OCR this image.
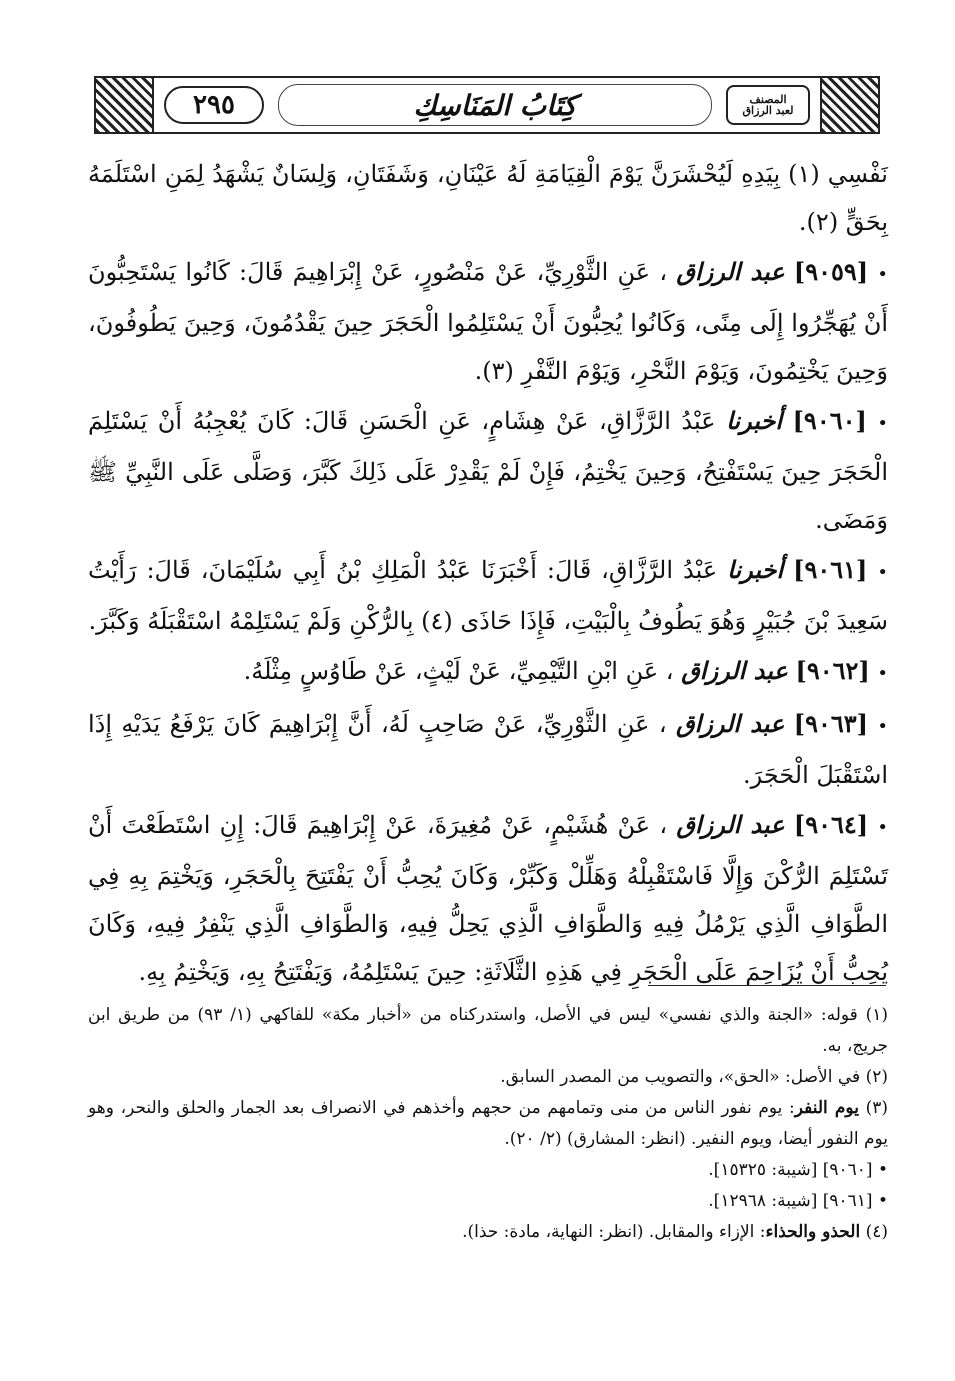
٢٩٥	كِتَابُ المَنَاسِكِ	المصنف
لعبد الرزاق

نَفْسِي (١) بِيَدِهِ لَيُحْشَرَنَّ يَوْمَ الْقِيَامَةِ لَهُ عَيْنَانِ، وَشَفَتَانِ، وَلِسَانٌ يَشْهَدُ لِمَنِ اسْتَلَمَهُ بِحَقٍّ (٢).

• [٩٠٥٩] عبد الرزاق ، عَنِ الثَّوْرِيِّ، عَنْ مَنْصُورٍ، عَنْ إِبْرَاهِيمَ قَالَ: كَانُوا يَسْتَحِبُّونَ أَنْ يُهَجِّرُوا إِلَى مِنًى، وَكَانُوا يُحِبُّونَ أَنْ يَسْتَلِمُوا الْحَجَرَ حِينَ يَقْدُمُونَ، وَحِينَ يَطُوفُونَ، وَحِينَ يَخْتِمُونَ، وَيَوْمَ النَّحْرِ، وَيَوْمَ النَّفْرِ (٣).

• [٩٠٦٠] أخبرنا عَبْدُ الرَّزَّاقِ، عَنْ هِشَامٍ، عَنِ الْحَسَنِ قَالَ: كَانَ يُعْجِبُهُ أَنْ يَسْتَلِمَ الْحَجَرَ حِينَ يَسْتَفْتِحُ، وَحِينَ يَخْتِمُ، فَإِنْ لَمْ يَقْدِرْ عَلَى ذَلِكَ كَبَّرَ، وَصَلَّى عَلَى النَّبِيِّ ﷺ وَمَضَى.

• [٩٠٦١] أخبرنا عَبْدُ الرَّزَّاقِ، قَالَ: أَخْبَرَنَا عَبْدُ الْمَلِكِ بْنُ أَبِي سُلَيْمَانَ، قَالَ: رَأَيْتُ سَعِيدَ بْنَ جُبَيْرٍ وَهُوَ يَطُوفُ بِالْبَيْتِ، فَإِذَا حَاذَى (٤) بِالرُّكْنِ وَلَمْ يَسْتَلِمْهُ اسْتَقْبَلَهُ وَكَبَّرَ.

• [٩٠٦٢] عبد الرزاق ، عَنِ ابْنِ التَّيْمِيِّ، عَنْ لَيْثٍ، عَنْ طَاوُسٍ مِثْلَهُ.

• [٩٠٦٣] عبد الرزاق ، عَنِ الثَّوْرِيِّ، عَنْ صَاحِبٍ لَهُ، أَنَّ إِبْرَاهِيمَ كَانَ يَرْفَعُ يَدَيْهِ إِذَا اسْتَقْبَلَ الْحَجَرَ.

• [٩٠٦٤] عبد الرزاق ، عَنْ هُشَيْمٍ، عَنْ مُغِيرَةَ، عَنْ إِبْرَاهِيمَ قَالَ: إِنِ اسْتَطَعْتَ أَنْ تَسْتَلِمَ الرُّكْنَ وَإِلَّا فَاسْتَقْبِلْهُ وَهَلِّلْ وَكَبِّرْ، وَكَانَ يُحِبُّ أَنْ يَفْتَتِحَ بِالْحَجَرِ، وَيَخْتِمَ بِهِ فِي الطَّوَافِ الَّذِي يَرْمُلُ فِيهِ وَالطَّوَافِ الَّذِي يَحِلُّ فِيهِ، وَالطَّوَافِ الَّذِي يَنْفِرُ فِيهِ، وَكَانَ يُحِبُّ أَنْ يُزَاحِمَ عَلَى الْحَجَرِ فِي هَذِهِ الثَّلَاثَةِ: حِينَ يَسْتَلِمُهُ، وَيَفْتَتِحُ بِهِ، وَيَخْتِمُ بِهِ.

(١) قوله: «الجنة والذي نفسي» ليس في الأصل، واستدركناه من «أخبار مكة» للفاكهي (١/ ٩٣) من طريق ابن جريج، به.

(٢) في الأصل: «الحق»، والتصويب من المصدر السابق.

(٣) يوم النفر: يوم نفور الناس من منى وتمامهم من حجهم وأخذهم في الانصراف بعد الجمار والحلق والنحر، وهو يوم النفور أيضا، ويوم النفير. (انظر: المشارق) (٢/ ٢٠).

• [٩٠٦٠] [شيبة: ١٥٣٢٥].

• [٩٠٦١] [شيبة: ١٢٩٦٨].

(٤) الحذو والحذاء: الإزاء والمقابل. (انظر: النهاية، مادة: حذا).
